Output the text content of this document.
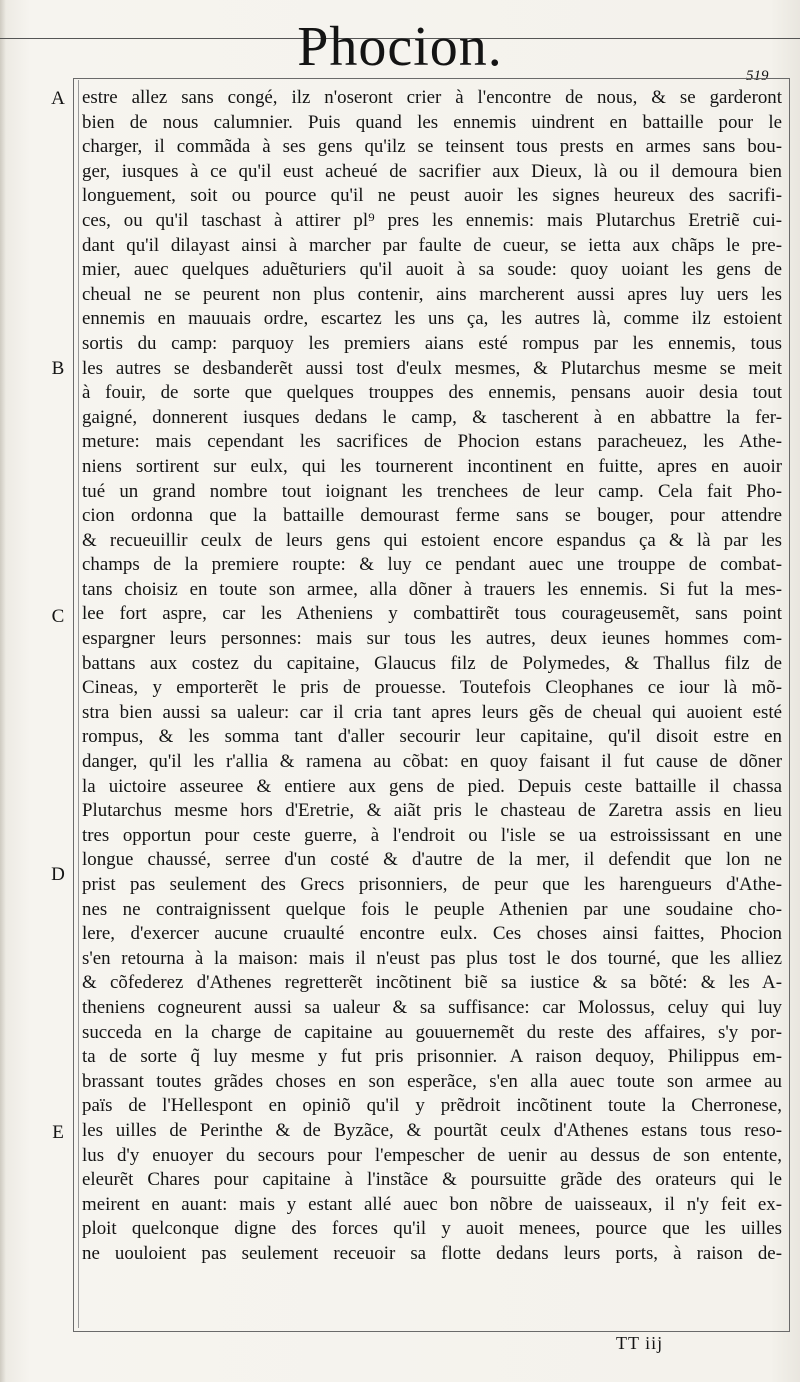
Phocion.	519
A
B
C
D
E
estre allez sans congé, ilz n'oseront crier à l'encontre de nous, & se garderont
bien de nous calumnier. Puis quand les ennemis uindrent en battaille pour le
charger, il commãda à ses gens qu'ilz se teinsent tous prests en armes sans bou-
ger, iusques à ce qu'il eust acheué de sacrifier aux Dieux, là ou il demoura bien
longuement, soit ou pource qu'il ne peust auoir les signes heureux des sacrifi-
ces, ou qu'il taschast à attirer pl⁹ pres les ennemis: mais Plutarchus Eretriẽ cui-
dant qu'il dilayast ainsi à marcher par faulte de cueur, se ietta aux chãps le pre-
mier, auec quelques aduẽturiers qu'il auoit à sa soude: quoy uoiant les gens de
cheual ne se peurent non plus contenir, ains marcherent aussi apres luy uers les
ennemis en mauuais ordre, escartez les uns ça, les autres là, comme ilz estoient
sortis du camp: parquoy les premiers aians esté rompus par les ennemis, tous
les autres se desbanderẽt aussi tost d'eulx mesmes, & Plutarchus mesme se meit
à fouir, de sorte que quelques trouppes des ennemis, pensans auoir desia tout
gaigné, donnerent iusques dedans le camp, & tascherent à en abbattre la fer-
meture: mais cependant les sacrifices de Phocion estans paracheuez, les Athe-
niens sortirent sur eulx, qui les tournerent incontinent en fuitte, apres en auoir
tué un grand nombre tout ioignant les trenchees de leur camp. Cela fait Pho-
cion ordonna que la battaille demourast ferme sans se bouger, pour attendre
& recueuillir ceulx de leurs gens qui estoient encore espandus ça & là par les
champs de la premiere roupte: & luy ce pendant auec une trouppe de combat-
tans choisiz en toute son armee, alla dõner à trauers les ennemis. Si fut la mes-
lee fort aspre, car les Atheniens y combattirẽt tous courageusemẽt, sans point
espargner leurs personnes: mais sur tous les autres, deux ieunes hommes com-
battans aux costez du capitaine, Glaucus filz de Polymedes, & Thallus filz de
Cineas, y emporterẽt le pris de prouesse. Toutefois Cleophanes ce iour là mõ-
stra bien aussi sa ualeur: car il cria tant apres leurs gẽs de cheual qui auoient esté
rompus, & les somma tant d'aller secourir leur capitaine, qu'il disoit estre en
danger, qu'il les r'allia & ramena au cõbat: en quoy faisant il fut cause de dõner
la uictoire asseuree & entiere aux gens de pied. Depuis ceste battaille il chassa
Plutarchus mesme hors d'Eretrie, & aiãt pris le chasteau de Zaretra assis en lieu
tres opportun pour ceste guerre, à l'endroit ou l'isle se ua estroississant en une
longue chaussé, serree d'un costé & d'autre de la mer, il defendit que lon ne
prist pas seulement des Grecs prisonniers, de peur que les harengueurs d'Athe-
nes ne contraignissent quelque fois le peuple Athenien par une soudaine cho-
lere, d'exercer aucune cruaulté encontre eulx. Ces choses ainsi faittes, Phocion
s'en retourna à la maison: mais il n'eust pas plus tost le dos tourné, que les alliez
& cõfederez d'Athenes regretterẽt incõtinent biẽ sa iustice & sa bõté: & les A-
theniens cogneurent aussi sa ualeur & sa suffisance: car Molossus, celuy qui luy
succeda en la charge de capitaine au gouuernemẽt du reste des affaires, s'y por-
ta de sorte q̃ luy mesme y fut pris prisonnier. A raison dequoy, Philippus em-
brassant toutes grãdes choses en son esperãce, s'en alla auec toute son armee au
païs de l'Hellespont en opiniõ qu'il y prẽdroit incõtinent toute la Cherronese,
les uilles de Perinthe & de Byzãce, & pourtãt ceulx d'Athenes estans tous reso-
lus d'y enuoyer du secours pour l'empescher de uenir au dessus de son entente,
eleurẽt Chares pour capitaine à l'instãce & poursuitte grãde des orateurs qui le
meirent en auant: mais y estant allé auec bon nõbre de uaisseaux, il n'y feit ex-
ploit quelconque digne des forces qu'il y auoit menees, pource que les uilles
ne uouloient pas seulement receuoir sa flotte dedans leurs ports, à raison de-
TT iij
